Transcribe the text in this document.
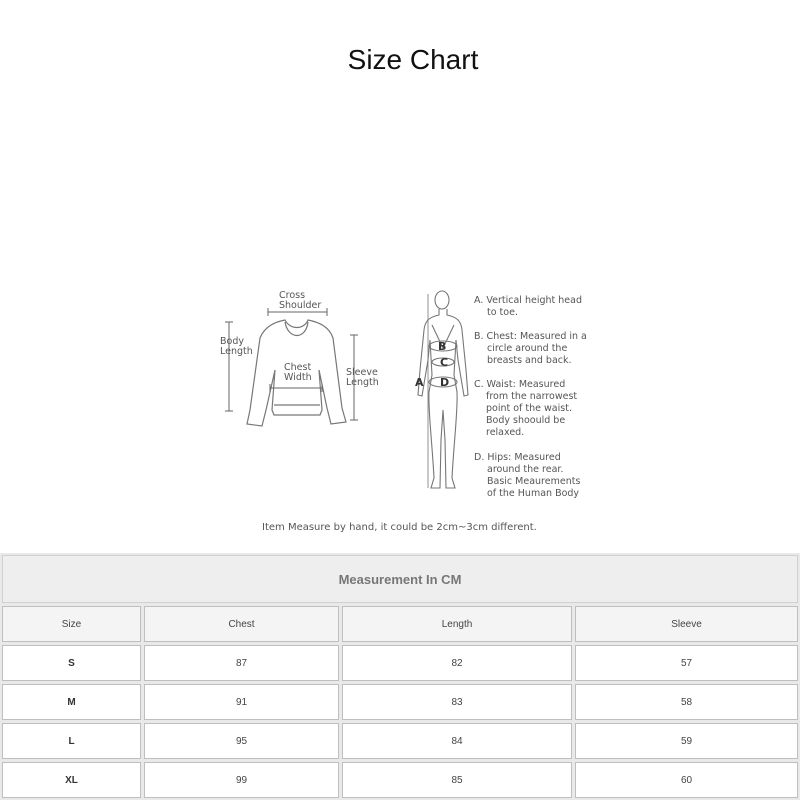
Size Chart
Cross
Shoulder
Body
Length
Chest
Width	Sleeve
Length	A
B
C
D
A. Vertical height head
to toe.
B. Chest: Measured in a
circle around the
breasts and back.
C. Waist: Measured
from the narrowest
point of the waist.
Body shoould be
relaxed.
D. Hips: Measured
around the rear.
Basic Meaurements
of the Human Body
Item Measure by hand, it could be 2cm~3cm different.
Measurement In CM
Size	Chest	Length	Sleeve
S	87	82	57
M	91	83	58
L	95	84	59
XL	99	85	60
